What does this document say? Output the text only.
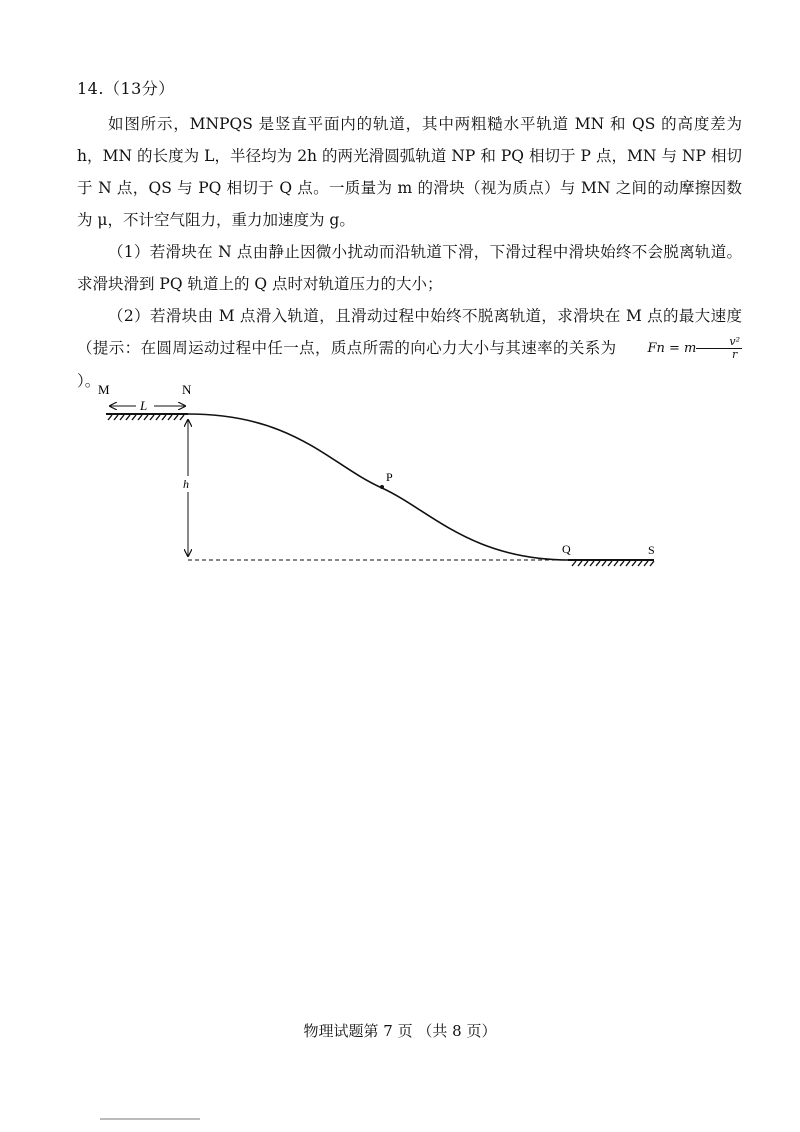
14.（13分）

如图所示，MNPQS 是竖直平面内的轨道，其中两粗糙水平轨道 MN 和 QS 的高度差为 h，MN 的长度为 L，半径均为 2h 的两光滑圆弧轨道 NP 和 PQ 相切于 P 点，MN 与 NP 相切于 N 点，QS 与 PQ 相切于 Q 点。一质量为 m 的滑块（视为质点）与 MN 之间的动摩擦因数为 μ，不计空气阻力，重力加速度为 g。

（1）若滑块在 N 点由静止因微小扰动而沿轨道下滑，下滑过程中滑块始终不会脱离轨道。求滑块滑到 PQ 轨道上的 Q 点时对轨道压力的大小；

（2）若滑块由 M 点滑入轨道，且滑动过程中始终不脱离轨道，求滑块在 M 点的最大速度（提示：在圆周运动过程中任一点，质点所需的向心力大小与其速率的关系为 Fn = m $\frac{\text{v²}}{r}$
）。

M	N
L
P
h
Q	S
物理试题第 7 页 （共 8 页）
